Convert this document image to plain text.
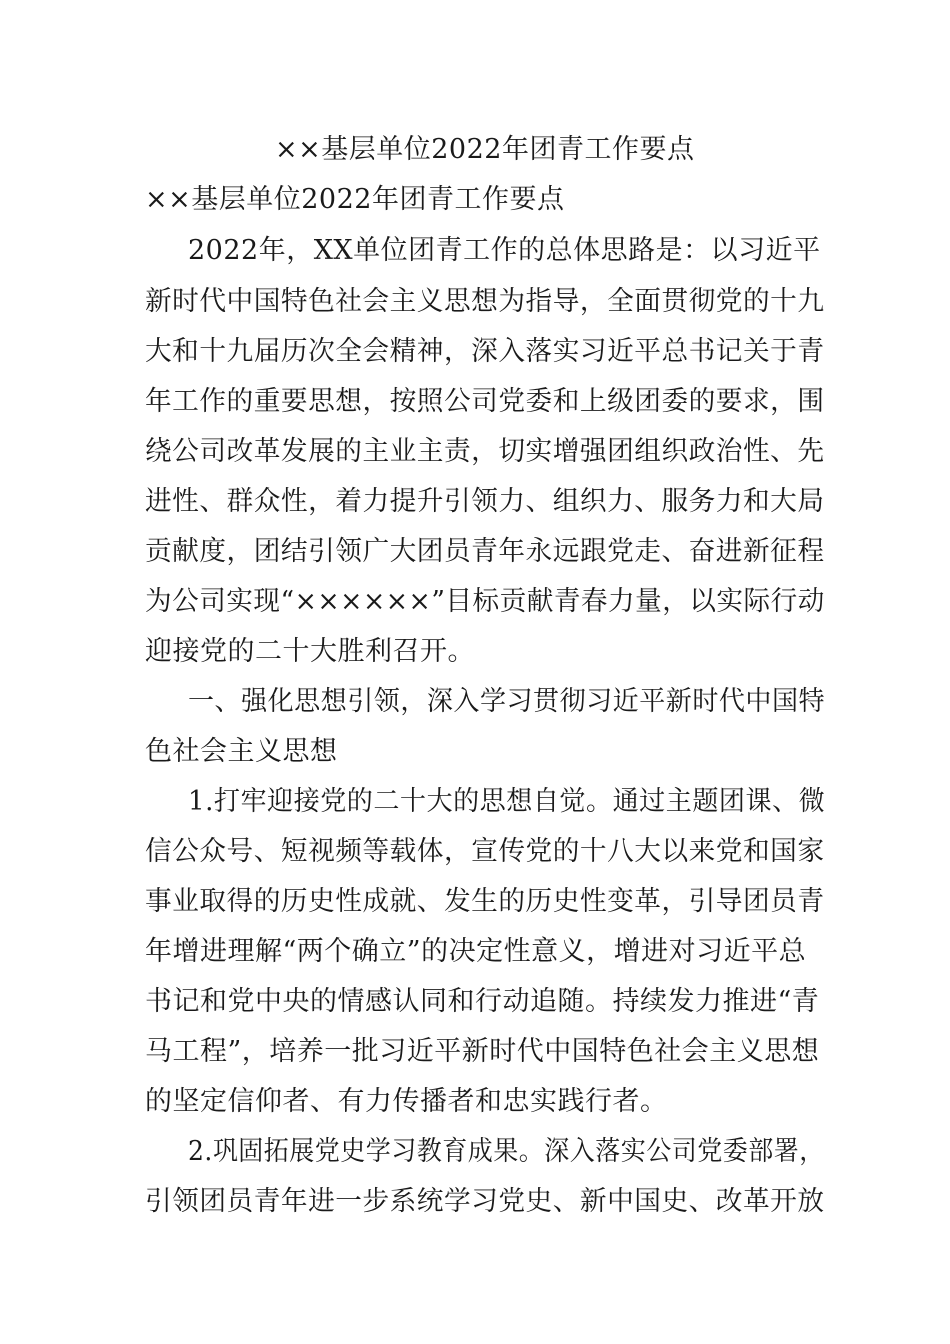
××基层单位2022年团青工作要点
××基层单位2022年团青工作要点
2022年，XX单位团青工作的总体思路是：以习近平
新时代中国特色社会主义思想为指导，全面贯彻党的十九
大和十九届历次全会精神，深入落实习近平总书记关于青
年工作的重要思想，按照公司党委和上级团委的要求，围
绕公司改革发展的主业主责，切实增强团组织政治性、先
进性、群众性，着力提升引领力、组织力、服务力和大局
贡献度，团结引领广大团员青年永远跟党走、奋进新征程
为公司实现“××××××”目标贡献青春力量，以实际行动
迎接党的二十大胜利召开。
一、强化思想引领，深入学习贯彻习近平新时代中国特
色社会主义思想
1.打牢迎接党的二十大的思想自觉。通过主题团课、微
信公众号、短视频等载体，宣传党的十八大以来党和国家
事业取得的历史性成就、发生的历史性变革，引导团员青
年增进理解“两个确立”的决定性意义，增进对习近平总
书记和党中央的情感认同和行动追随。持续发力推进“青
马工程”，培养一批习近平新时代中国特色社会主义思想
的坚定信仰者、有力传播者和忠实践行者。
2.巩固拓展党史学习教育成果。深入落实公司党委部署，
引领团员青年进一步系统学习党史、新中国史、改革开放
